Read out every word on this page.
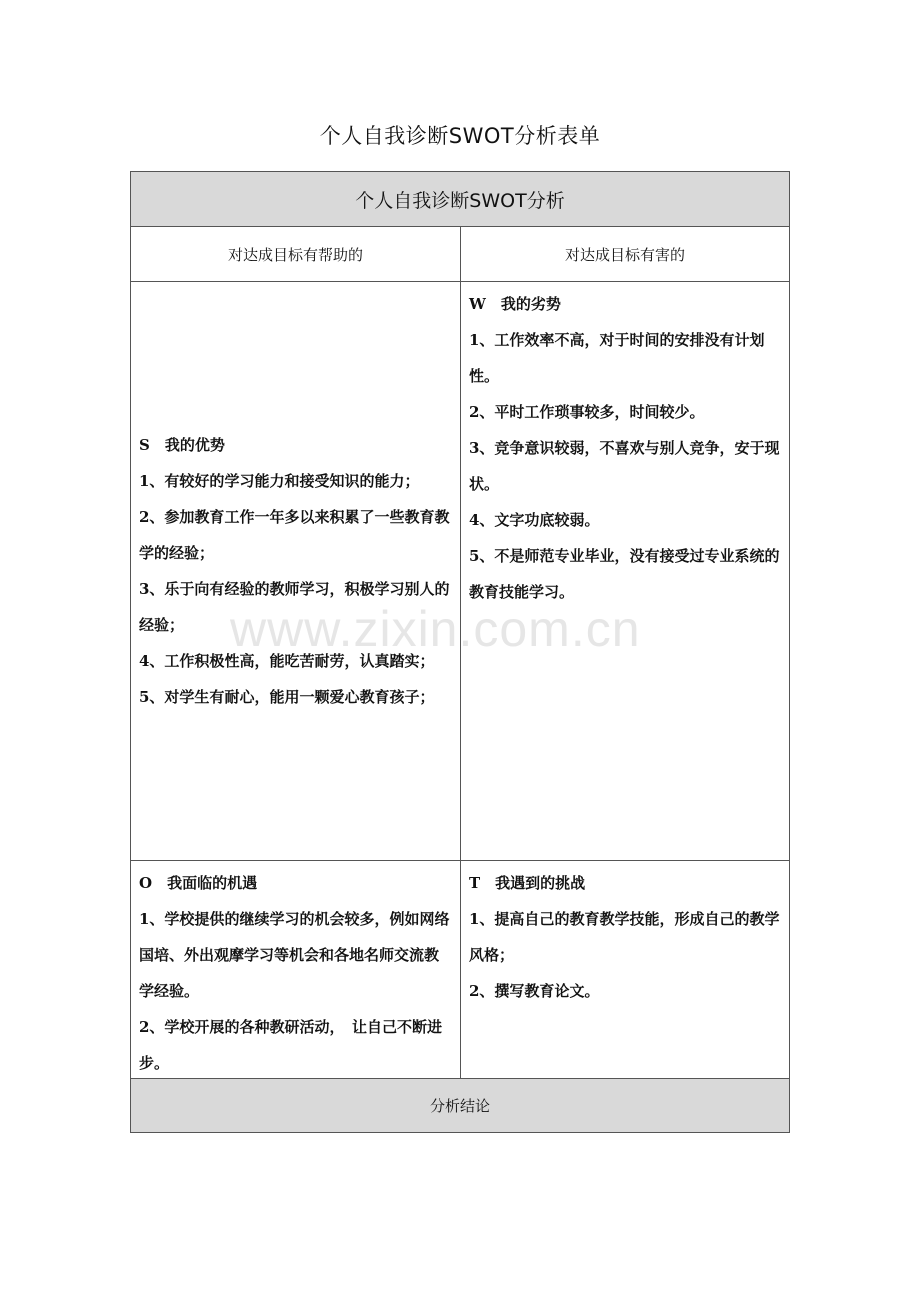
个人自我诊断SWOT分析表单
个人自我诊断SWOT分析
对达成目标有帮助的	对达成目标有害的

S　我的优势

1、有较好的学习能力和接受知识的能力；

2、参加教育工作一年多以来积累了一些教育教学的经验；

3、乐于向有经验的教师学习，积极学习别人的经验；

4、工作积极性高，能吃苦耐劳，认真踏实；

5、对学生有耐心，能用一颗爱心教育孩子；

W　我的劣势

1、工作效率不高，对于时间的安排没有计划性。

2、平时工作琐事较多，时间较少。

3、竞争意识较弱，不喜欢与别人竞争，安于现状。

4、文字功底较弱。

5、不是师范专业毕业，没有接受过专业系统的教育技能学习。

O　我面临的机遇

1、学校提供的继续学习的机会较多，例如网络国培、外出观摩学习等机会和各地名师交流教学经验。

2、学校开展的各种教研活动，　让自己不断进步。

T　我遇到的挑战

1、提高自己的教育教学技能，形成自己的教学风格；

2、撰写教育论文。

分析结论
www.zixin.com.cn
